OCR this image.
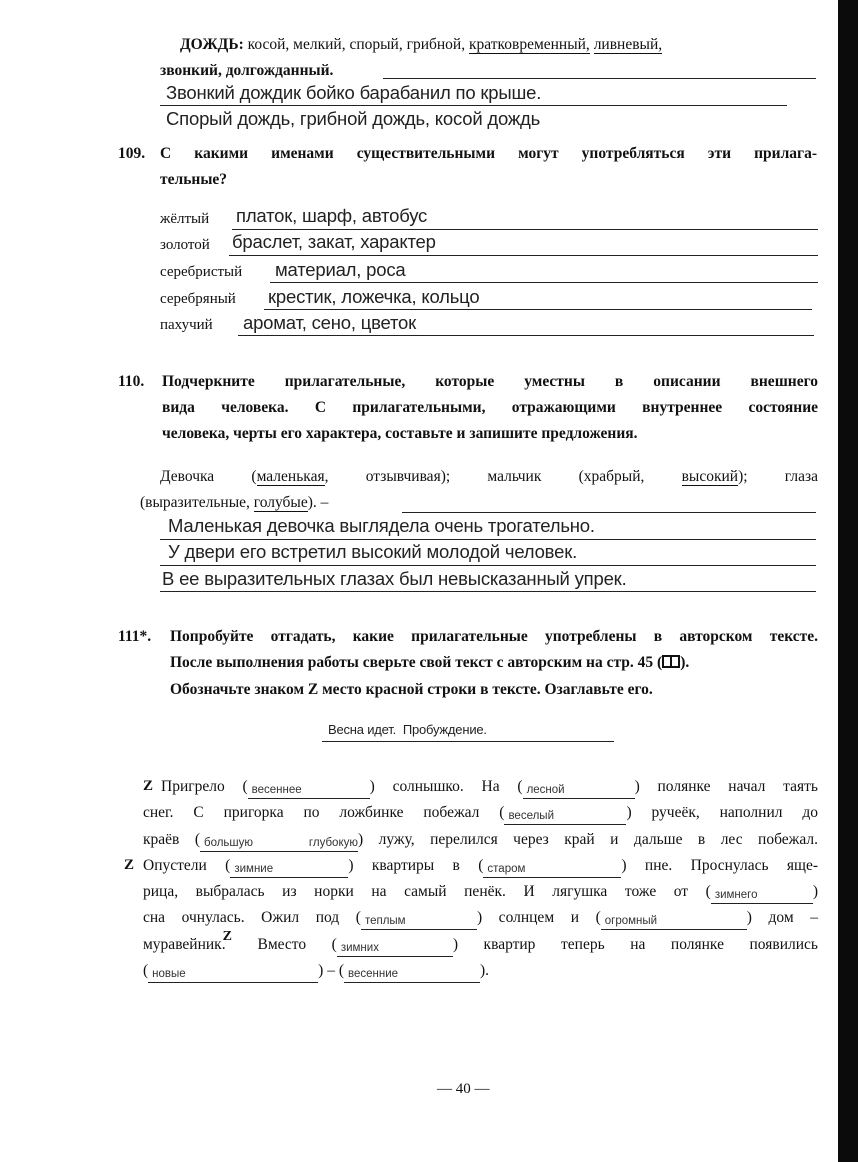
ДОЖДЬ: косой, мелкий, спорый, грибной, кратковременный, ливневый,
звонкий, долгожданный.
Звонкий дождик бойко барабанил по крыше.
Спорый дождь, грибной дождь, косой дождь
109. С какими именами существительными могут употребляться эти прилага-
тельные?
жёлтый платок, шарф, автобус
золотой браслет, закат, характер
серебристый материал, роса
серебряный крестик, ложечка, кольцо
пахучий аромат, сено, цветок
110. Подчеркните прилагательные, которые уместны в описании внешнего
вида человека. С прилагательными, отражающими внутреннее состояние
человека, черты его характера, составьте и запишите предложения.
Девочка (маленькая, отзывчивая); мальчик (храбрый, высокий); глаза
(выразительные, голубые). –
Маленькая девочка выглядела очень трогательно.
У двери его встретил высокий молодой человек.
В ее выразительных глазах был невысказанный упрек.
111*. Попробуйте отгадать, какие прилагательные употреблены в авторском тексте.
После выполнения работы сверьте свой текст с авторским на стр. 45 ( ).
Обозначьте знаком Z место красной строки в тексте. Озаглавьте его.
Весна идет.  Пробуждение.
Z
Z
Пригрело ( весеннее	) солнышко. На ( лесной	) полянке начал таять
снег. С пригорка по ложбинке побежал ( веселый	) ручеёк, наполнил до
краёв ( большую глубокую) лужу, перелился через край и дальше в лес побежал.
Опустели ( зимние	) квартиры в ( старом	) пне. Проснулась яще-
рица, выбралась из норки на самый пенёк. И лягушка тоже от ( зимнего	)
сна очнулась. Ожил под ( теплым	) солнцем и ( огромный	) дом –
муравейник.Z Вместо ( зимних	) квартир теперь на полянке появились
( новые	) – ( весенние	).
— 40 —
